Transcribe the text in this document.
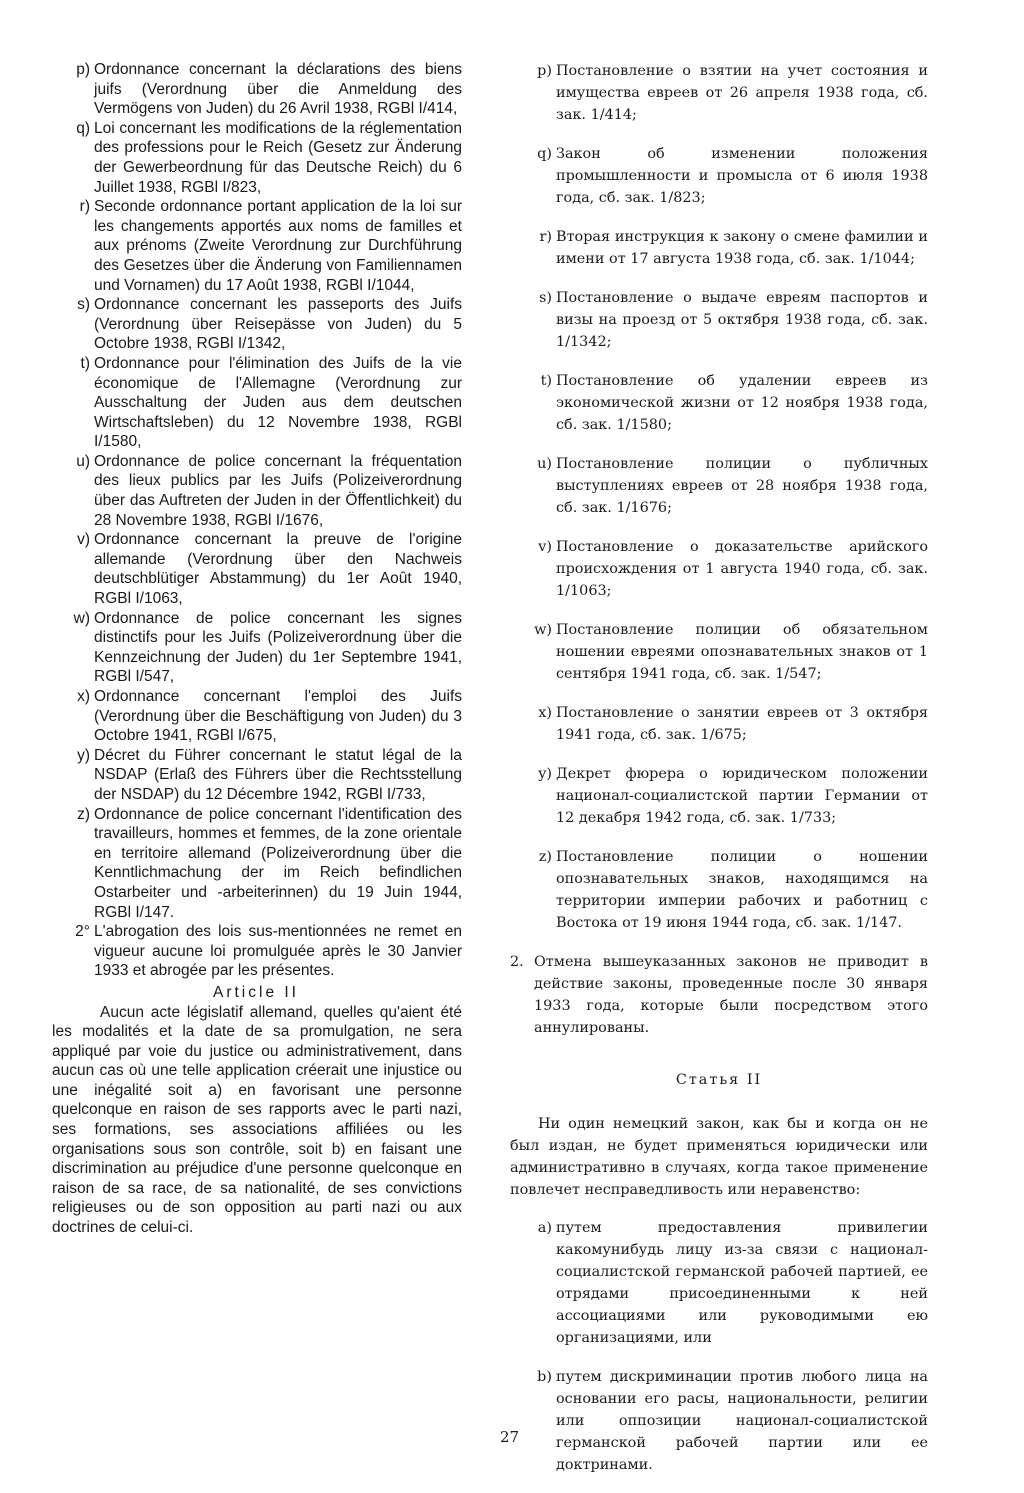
p) Ordonnance concernant la déclarations des biens juifs (Verordnung über die Anmeldung des Vermögens von Juden) du 26 Avril 1938, RGBl I/414,
q) Loi concernant les modifications de la réglementation des professions pour le Reich (Gesetz zur Änderung der Gewerbeordnung für das Deutsche Reich) du 6 Juillet 1938, RGBl I/823,
r) Seconde ordonnance portant application de la loi sur les changements apportés aux noms de familles et aux prénoms (Zweite Verordnung zur Durchführung des Gesetzes über die Änderung von Familiennamen und Vornamen) du 17 Août 1938, RGBl I/1044,
s) Ordonnance concernant les passeports des Juifs (Verordnung über Reisepässe von Juden) du 5 Octobre 1938, RGBl I/1342,
t) Ordonnance pour l'élimination des Juifs de la vie économique de l'Allemagne (Verordnung zur Ausschaltung der Juden aus dem deutschen Wirtschaftsleben) du 12 Novembre 1938, RGBl I/1580,
u) Ordonnance de police concernant la fréquentation des lieux publics par les Juifs (Polizeiverordnung über das Auftreten der Juden in der Öffentlichkeit) du 28 Novembre 1938, RGBl I/1676,
v) Ordonnance concernant la preuve de l'origine allemande (Verordnung über den Nachweis deutschblütiger Abstammung) du 1er Août 1940, RGBl I/1063,
w) Ordonnance de police concernant les signes distinctifs pour les Juifs (Polizeiverordnung über die Kennzeichnung der Juden) du 1er Septembre 1941, RGBl I/547,
x) Ordonnance concernant l'emploi des Juifs (Verordnung über die Beschäftigung von Juden) du 3 Octobre 1941, RGBl I/675,
y) Décret du Führer concernant le statut légal de la NSDAP (Erlaß des Führers über die Rechtsstellung der NSDAP) du 12 Décembre 1942, RGBl I/733,
z) Ordonnance de police concernant l'identification des travailleurs, hommes et femmes, de la zone orientale en territoire allemand (Polizeiverordnung über die Kenntlichmachung der im Reich befindlichen Ostarbeiter und -arbeiterinnen) du 19 Juin 1944, RGBl I/147.
2° L'abrogation des lois sus-mentionnées ne remet en vigueur aucune loi promulguée après le 30 Janvier 1933 et abrogée par les présentes.
Article II
Aucun acte législatif allemand, quelles qu'aient été les modalités et la date de sa promulgation, ne sera appliqué par voie du justice ou administrativement, dans aucun cas où une telle application créerait une injustice ou une inégalité soit a) en favorisant une personne quelconque en raison de ses rapports avec le parti nazi, ses formations, ses associations affiliées ou les organisations sous son contrôle, soit b) en faisant une discrimination au préjudice d'une personne quelconque en raison de sa race, de sa nationalité, de ses convictions religieuses ou de son opposition au parti nazi ou aux doctrines de celui-ci.
p) Постановление о взятии на учет состояния и имущества евреев от 26 апреля 1938 года, сб. зак. 1/414;
q) Закон об изменении положения промышленности и промысла от 6 июля 1938 года, сб. зак. 1/823;
r) Вторая инструкция к закону о смене фамилии и имени от 17 августа 1938 года, сб. зак. 1/1044;
s) Постановление о выдаче евреям паспортов и визы на проезд от 5 октября 1938 года, сб. зак. 1/1342;
t) Постановление об удалении евреев из экономической жизни от 12 ноября 1938 года, сб. зак. 1/1580;
u) Постановление полиции о публичных выступлениях евреев от 28 ноября 1938 года, сб. зак. 1/1676;
v) Постановление о доказательстве арийского происхождения от 1 августа 1940 года, сб. зак. 1/1063;
w) Постановление полиции об обязательном ношении евреями опознавательных знаков от 1 сентября 1941 года, сб. зак. 1/547;
x) Постановление о занятии евреев от 3 октября 1941 года, сб. зак. 1/675;
y) Декрет фюрера о юридическом положении национал-социалистской партии Германии от 12 декабря 1942 года, сб. зак. 1/733;
z) Постановление полиции о ношении опознавательных знаков, находящимся на территории империи рабочих и работниц с Востока от 19 июня 1944 года, сб. зак. 1/147.
2. Отмена вышеуказанных законов не приводит в действие законы, проведенные после 30 января 1933 года, которые были посредством этого аннулированы.
Статья II
Ни один немецкий закон, как бы и когда он не был издан, не будет применяться юридически или административно в случаях, когда такое применение повлечет несправедливость или неравенство:
a) путем предоставления привилегии какомунибудь лицу из-за связи с национал-социалистской германской рабочей партией, ее отрядами присоединенными к ней ассоциациями или руководимыми ею организациями, или
b) путем дискриминации против любого лица на основании его расы, национальности, религии или оппозиции национал-социалистской германской рабочей партии или ее доктринами.
27
